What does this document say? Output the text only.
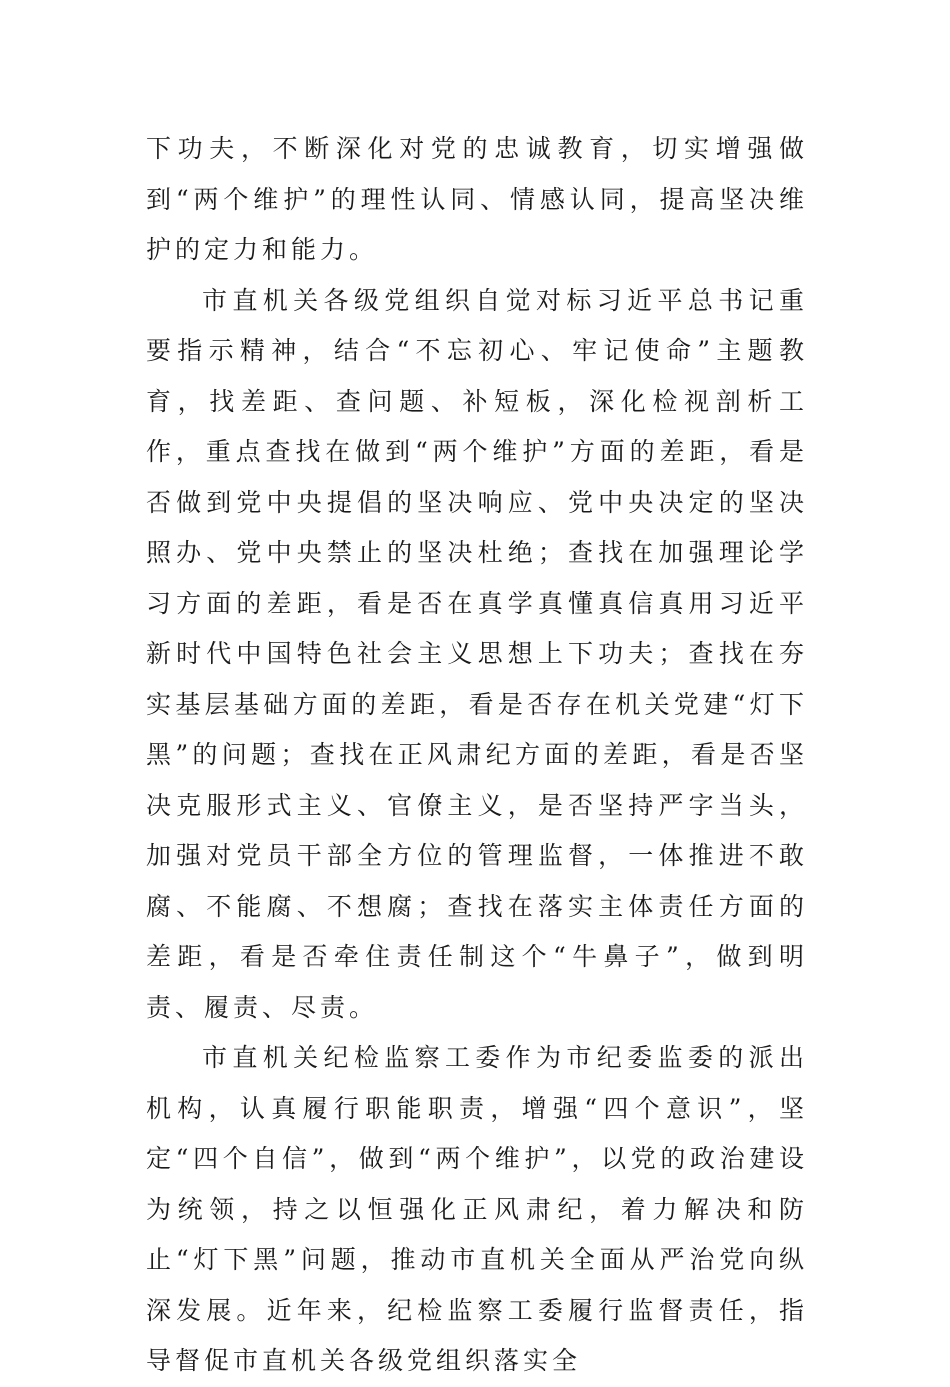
下功夫，不断深化对党的忠诚教育，切实增强做到“两个维护”的理性认同、情感认同，提高坚决维护的定力和能力。

市直机关各级党组织自觉对标习近平总书记重要指示精神，结合“不忘初心、牢记使命”主题教育，找差距、查问题、补短板，深化检视剖析工作，重点查找在做到“两个维护”方面的差距，看是否做到党中央提倡的坚决响应、党中央决定的坚决照办、党中央禁止的坚决杜绝；查找在加强理论学习方面的差距，看是否在真学真懂真信真用习近平新时代中国特色社会主义思想上下功夫；查找在夯实基层基础方面的差距，看是否存在机关党建“灯下黑”的问题；查找在正风肃纪方面的差距，看是否坚决克服形式主义、官僚主义，是否坚持严字当头，加强对党员干部全方位的管理监督，一体推进不敢腐、不能腐、不想腐；查找在落实主体责任方面的差距，看是否牵住责任制这个“牛鼻子”，做到明责、履责、尽责。

市直机关纪检监察工委作为市纪委监委的派出机构，认真履行职能职责，增强“四个意识”，坚定“四个自信”，做到“两个维护”，以党的政治建设为统领，持之以恒强化正风肃纪，着力解决和防止“灯下黑”问题，推动市直机关全面从严治党向纵深发展。近年来，纪检监察工委履行监督责任，指导督促市直机关各级党组织落实全
